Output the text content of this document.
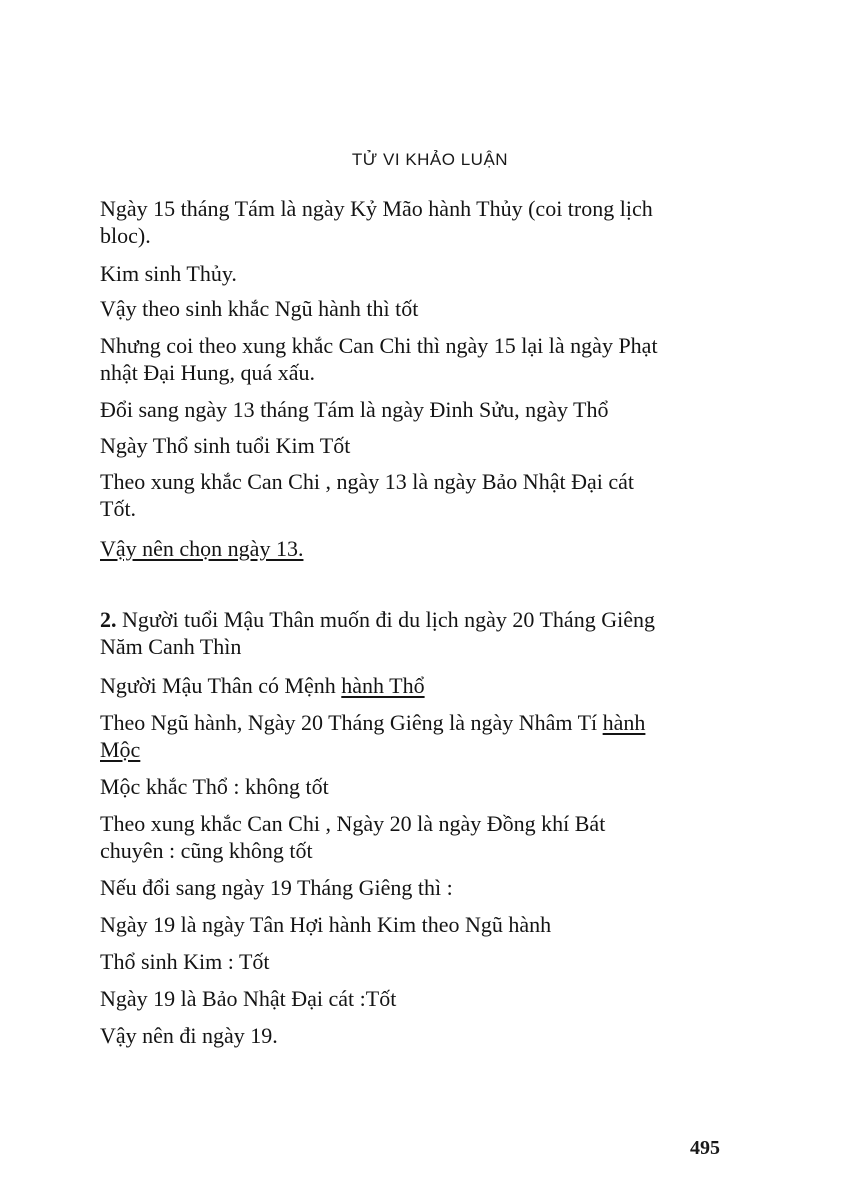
TỬ VI KHẢO LUẬN
Ngày 15 tháng Tám là ngày Kỷ Mão hành Thủy (coi trong lịch
bloc).
Kim sinh Thủy.
Vậy theo sinh khắc Ngũ hành thì tốt
Nhưng coi theo xung khắc Can Chi thì ngày 15 lại là ngày Phạt
nhật Đại Hung, quá xấu.
Đổi sang ngày 13 tháng Tám là ngày Đinh Sửu, ngày Thổ
Ngày Thổ sinh tuổi Kim Tốt
Theo xung khắc Can Chi , ngày 13 là ngày Bảo Nhật Đại cát
Tốt.
Vậy nên chọn ngày 13.
2. Người tuổi Mậu Thân muốn đi du lịch ngày 20 Tháng Giêng
Năm Canh Thìn
Người Mậu Thân có Mệnh hành Thổ
Theo Ngũ hành, Ngày 20 Tháng Giêng là ngày Nhâm Tí hành
Mộc
Mộc khắc Thổ : không tốt
Theo xung khắc Can Chi , Ngày 20 là ngày Đồng khí Bát
chuyên : cũng không tốt
Nếu đổi sang ngày 19 Tháng Giêng thì :
Ngày 19 là ngày Tân Hợi hành Kim theo Ngũ hành
Thổ sinh Kim : Tốt
Ngày 19 là Bảo Nhật Đại cát :Tốt
Vậy nên đi ngày 19.
495
